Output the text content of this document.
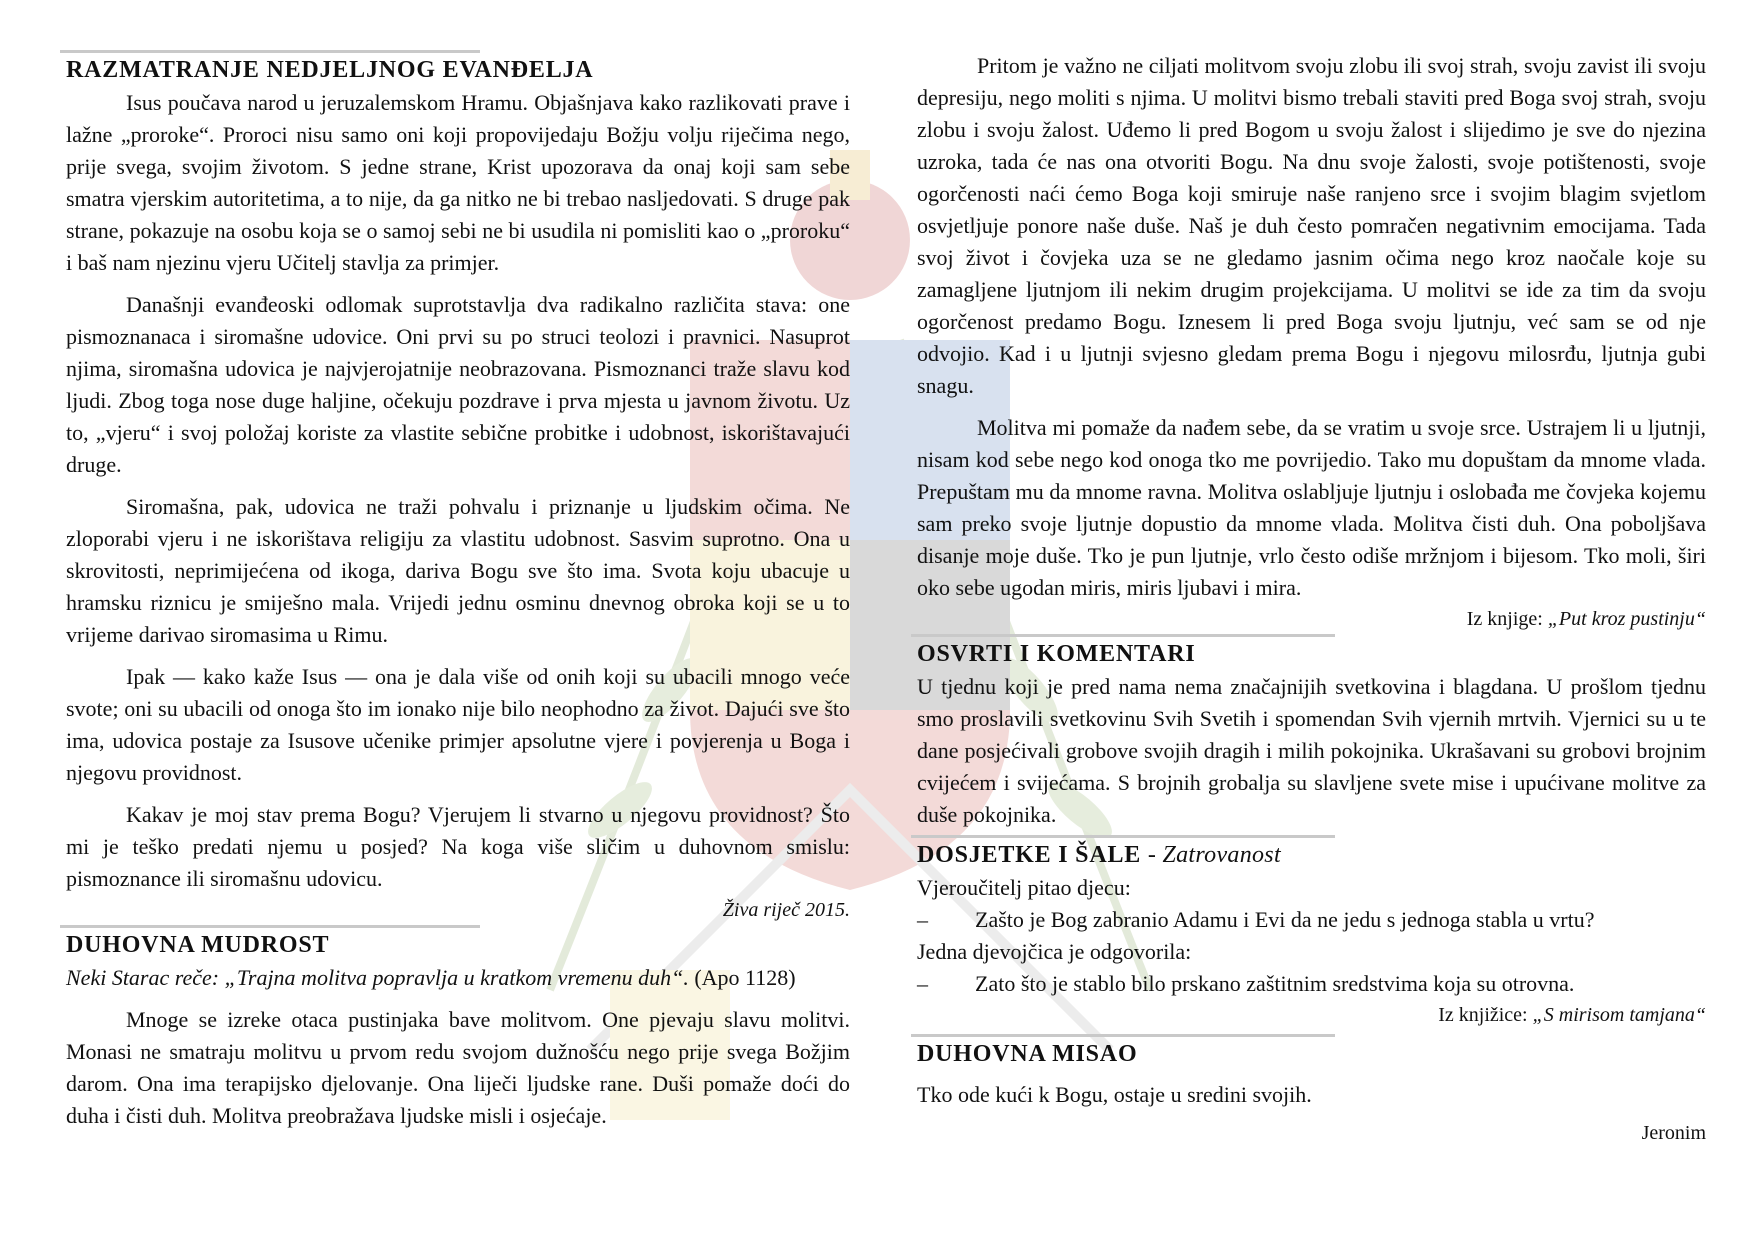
RAZMATRANJE NEDJELJNOG EVANĐELJA

Isus poučava narod u jeruzalemskom Hramu. Objašnjava kako razlikovati prave i lažne „proroke“. Proroci nisu samo oni koji propovijedaju Božju volju riječima nego, prije svega, svojim životom. S jedne strane, Krist upozorava da onaj koji sam sebe smatra vjerskim autoritetima, a to nije, da ga nitko ne bi trebao nasljedovati. S druge pak strane, pokazuje na osobu koja se o samoj sebi ne bi usudila ni pomisliti kao o „proroku“ i baš nam njezinu vjeru Učitelj stavlja za primjer.

Današnji evanđeoski odlomak suprotstavlja dva radikalno različita stava: one pismoznanaca i siromašne udovice. Oni prvi su po struci teolozi i pravnici. Nasuprot njima, siromašna udovica je najvjerojatnije neobrazovana. Pismoznanci traže slavu kod ljudi. Zbog toga nose duge haljine, očekuju pozdrave i prva mjesta u javnom životu. Uz to, „vjeru“ i svoj položaj koriste za vlastite sebične probitke i udobnost, iskorištavajući druge.

Siromašna, pak, udovica ne traži pohvalu i priznanje u ljudskim očima. Ne zloporabi vjeru i ne iskorištava religiju za vlastitu udobnost. Sasvim suprotno. Ona u skrovitosti, neprimijećena od ikoga, dariva Bogu sve što ima. Svota koju ubacuje u hramsku riznicu je smiješno mala. Vrijedi jednu osminu dnevnog obroka koji se u to vrijeme darivao siromasima u Rimu.

Ipak — kako kaže Isus — ona je dala više od onih koji su ubacili mnogo veće svote; oni su ubacili od onoga što im ionako nije bilo neophodno za život. Dajući sve što ima, udovica postaje za Isusove učenike primjer apsolutne vjere i povjerenja u Boga i njegovu providnost.

Kakav je moj stav prema Bogu? Vjerujem li stvarno u njegovu providnost? Što mi je teško predati njemu u posjed? Na koga više sličim u duhovnom smislu: pismoznance ili siromašnu udovicu.

Živa riječ 2015.
DUHOVNA MUDROST
Neki Starac reče: „Trajna molitva popravlja u kratkom vremenu duh“. (Apo 1128)

Mnoge se izreke otaca pustinjaka bave molitvom. One pjevaju slavu molitvi. Monasi ne smatraju molitvu u prvom redu svojom dužnošću nego prije svega Božjim darom. Ona ima terapijsko djelovanje. Ona liječi ljudske rane. Duši pomaže doći do duha i čisti duh. Molitva preobražava ljudske misli i osjećaje.

Pritom je važno ne ciljati molitvom svoju zlobu ili svoj strah, svoju zavist ili svoju depresiju, nego moliti s njima. U molitvi bismo trebali staviti pred Boga svoj strah, svoju zlobu i svoju žalost. Uđemo li pred Bogom u svoju žalost i slijedimo je sve do njezina uzroka, tada će nas ona otvoriti Bogu. Na dnu svoje žalosti, svoje potištenosti, svoje ogorčenosti naći ćemo Boga koji smiruje naše ranjeno srce i svojim blagim svjetlom osvjetljuje ponore naše duše. Naš je duh često pomračen negativnim emocijama. Tada svoj život i čovjeka uza se ne gledamo jasnim očima nego kroz naočale koje su zamagljene ljutnjom ili nekim drugim projekcijama. U molitvi se ide za tim da svoju ogorčenost predamo Bogu. Iznesem li pred Boga svoju ljutnju, već sam se od nje odvojio. Kad i u ljutnji svjesno gledam prema Bogu i njegovu milosrđu, ljutnja gubi snagu.

Molitva mi pomaže da nađem sebe, da se vratim u svoje srce. Ustrajem li u ljutnji, nisam kod sebe nego kod onoga tko me povrijedio. Tako mu dopuštam da mnome vlada. Prepuštam mu da mnome ravna. Molitva oslabljuje ljutnju i oslobađa me čovjeka kojemu sam preko svoje ljutnje dopustio da mnome vlada. Molitva čisti duh. Ona poboljšava disanje moje duše. Tko je pun ljutnje, vrlo često odiše mržnjom i bijesom. Tko moli, širi oko sebe ugodan miris, miris ljubavi i mira.

Iz knjige: „Put kroz pustinju“
OSVRTI I KOMENTARI

U tjednu koji je pred nama nema značajnijih svetkovina i blagdana. U prošlom tjednu smo proslavili svetkovinu Svih Svetih i spomendan Svih vjernih mrtvih. Vjernici su u te dane posjećivali grobove svojih dragih i milih pokojnika. Ukrašavani su grobovi brojnim cvijećem i svijećama. S brojnih grobalja su slavljene svete mise i upućivane molitve za duše pokojnika.

DOSJETKE I ŠALE - Zatrovanost
Vjeroučitelj pitao djecu:
–	Zašto je Bog zabranio Adamu i Evi da ne jedu s jednoga stabla u vrtu?
Jedna djevojčica je odgovorila:
–	Zato što je stablo bilo prskano zaštitnim sredstvima koja su otrovna.
Iz knjižice: „S mirisom tamjana“
DUHOVNA MISAO
Tko ode kući k Bogu, ostaje u sredini svojih.
Jeronim
